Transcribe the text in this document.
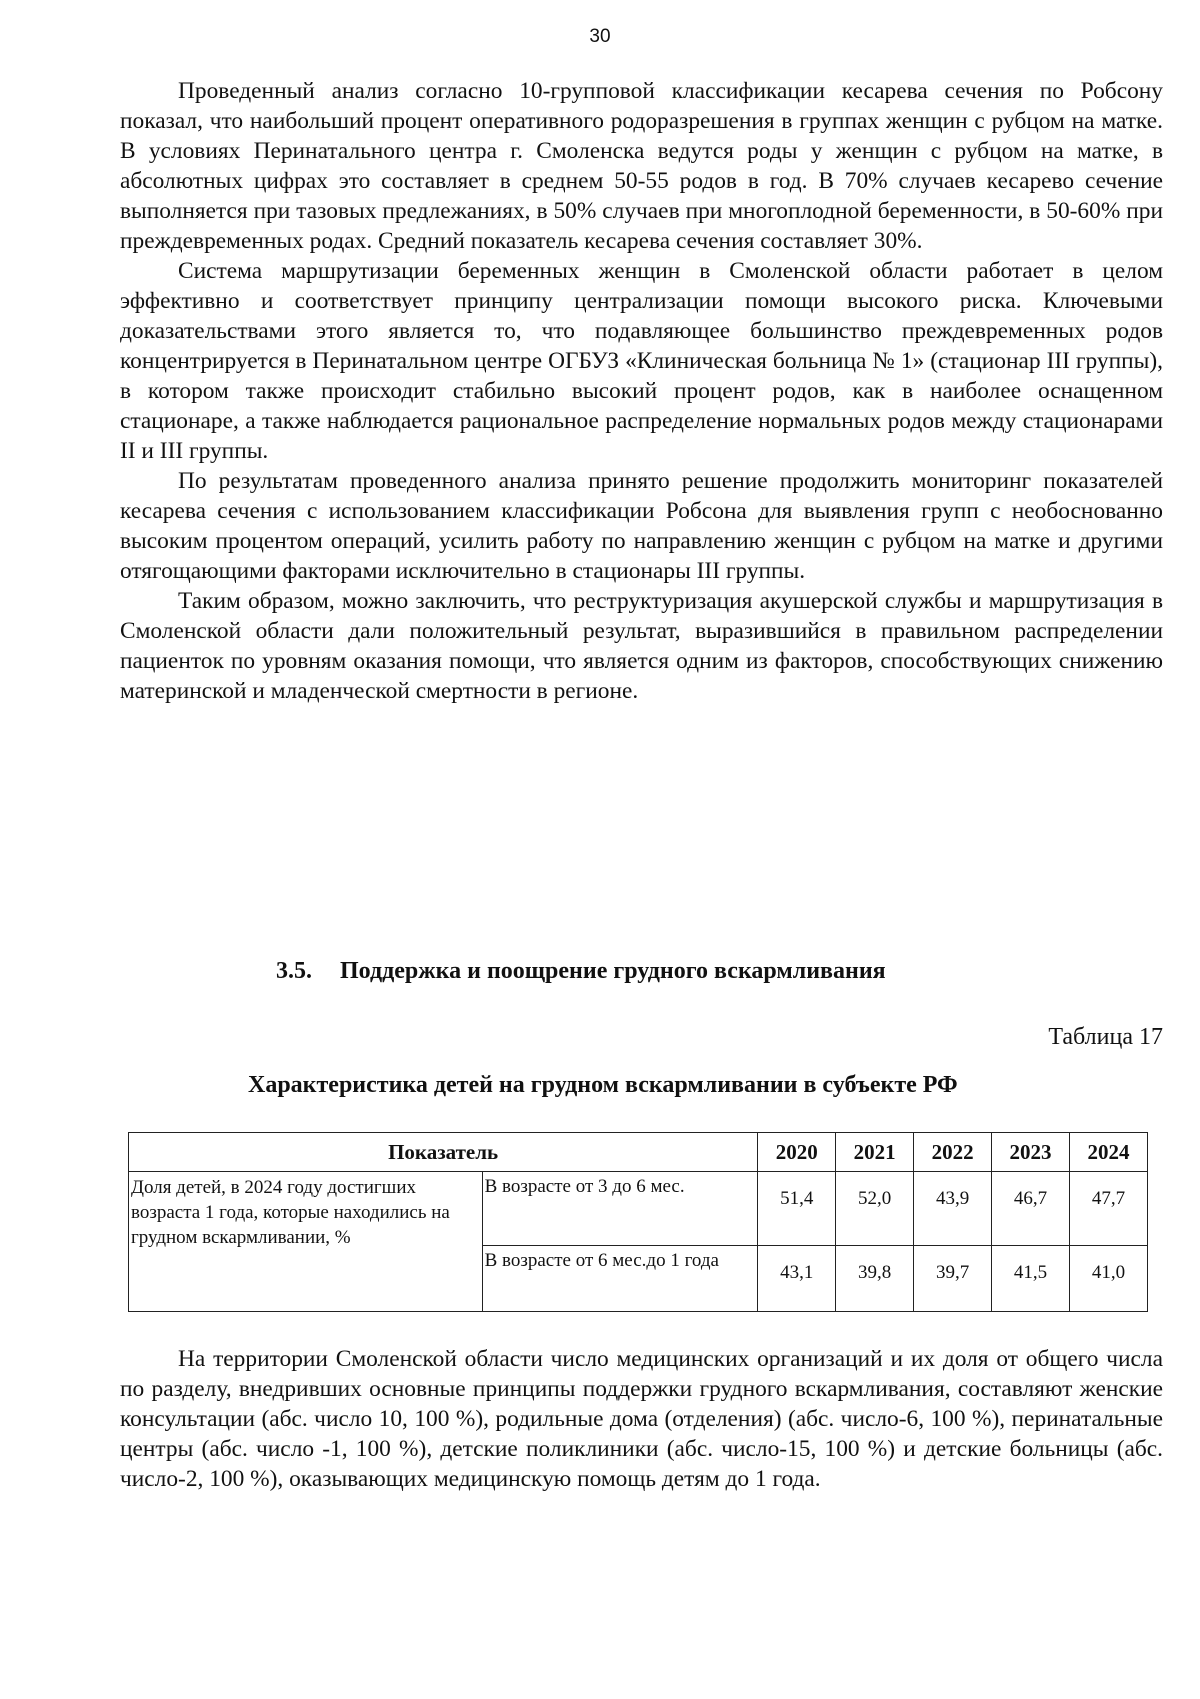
30

Проведенный анализ согласно 10-групповой классификации кесарева сечения по Робсону показал, что наибольший процент оперативного родоразрешения в группах женщин с рубцом на матке. В условиях Перинатального центра г. Смоленска ведутся роды у женщин с рубцом на матке, в абсолютных цифрах это составляет в среднем 50-55 родов в год. В 70% случаев кесарево сечение выполняется при тазовых предлежаниях, в 50% случаев при многоплодной беременности, в 50-60% при преждевременных родах. Средний показатель кесарева сечения составляет 30%.

Система маршрутизации беременных женщин в Смоленской области работает в целом эффективно и соответствует принципу централизации помощи высокого риска. Ключевыми доказательствами этого является то, что подавляющее большинство преждевременных родов концентрируется в Перинатальном центре ОГБУЗ «Клиническая больница № 1» (стационар III группы), в котором также происходит стабильно высокий процент родов, как в наиболее оснащенном стационаре, а также наблюдается рациональное распределение нормальных родов между стационарами II и III группы.

По результатам проведенного анализа принято решение продолжить мониторинг показателей кесарева сечения с использованием классификации Робсона для выявления групп с необоснованно высоким процентом операций, усилить работу по направлению женщин с рубцом на матке и другими отягощающими факторами исключительно в стационары III группы.

Таким образом, можно заключить, что реструктуризация акушерской службы и маршрутизация в Смоленской области дали положительный результат, выразившийся в правильном распределении пациенток по уровням оказания помощи, что является одним из факторов, способствующих снижению материнской и младенческой смертности в регионе.

3.5. Поддержка и поощрение грудного вскармливания
Таблица 17
Характеристика детей на грудном вскармливании в субъекте РФ
Показатель		2020	2021	2022	2023	2024
Доля детей, в 2024 году достигших возраста 1 года, которые находились на грудном вскармливании, %	В возрасте от 3 до 6 мес.	51,4	52,0	43,9	46,7	47,7
	В возрасте от 6 мес.до 1 года	43,1	39,8	39,7	41,5	41,0

На территории Смоленской области число медицинских организаций и их доля от общего числа по разделу, внедривших основные принципы поддержки грудного вскармливания, составляют женские консультации (абс. число 10, 100 %), родильные дома (отделения) (абс. число-6, 100 %), перинатальные центры (абс. число -1, 100 %), детские поликлиники (абс. число-15, 100 %) и детские больницы (абс. число-2, 100 %), оказывающих медицинскую помощь детям до 1 года.
